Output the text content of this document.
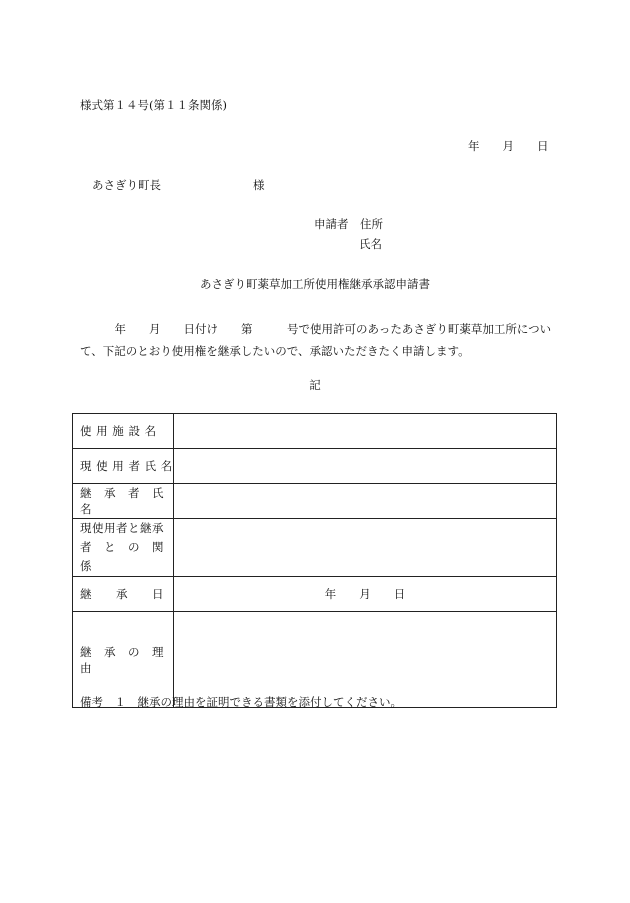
様式第１４号(第１１条関係)
年　　月　　日
あさぎり町長　　　　　　　　様
申請者　住所
氏名
あさぎり町薬草加工所使用権継承承認申請書
　　　年　　月　　日付け　　第　　　号で使用許可のあったあさぎり町薬草加工所について、下記のとおり使用権を継承したいので、承認いただきたく申請します。
記
使 用 施 設 名	
現 使 用 者 氏 名	
継　承　者　氏　名	
現使用者と継承
者　と　の　関　係	
継　　承　　日	年　　月　　日
継　承　の　理　由	
備考　１　継承の理由を証明できる書類を添付してください。
